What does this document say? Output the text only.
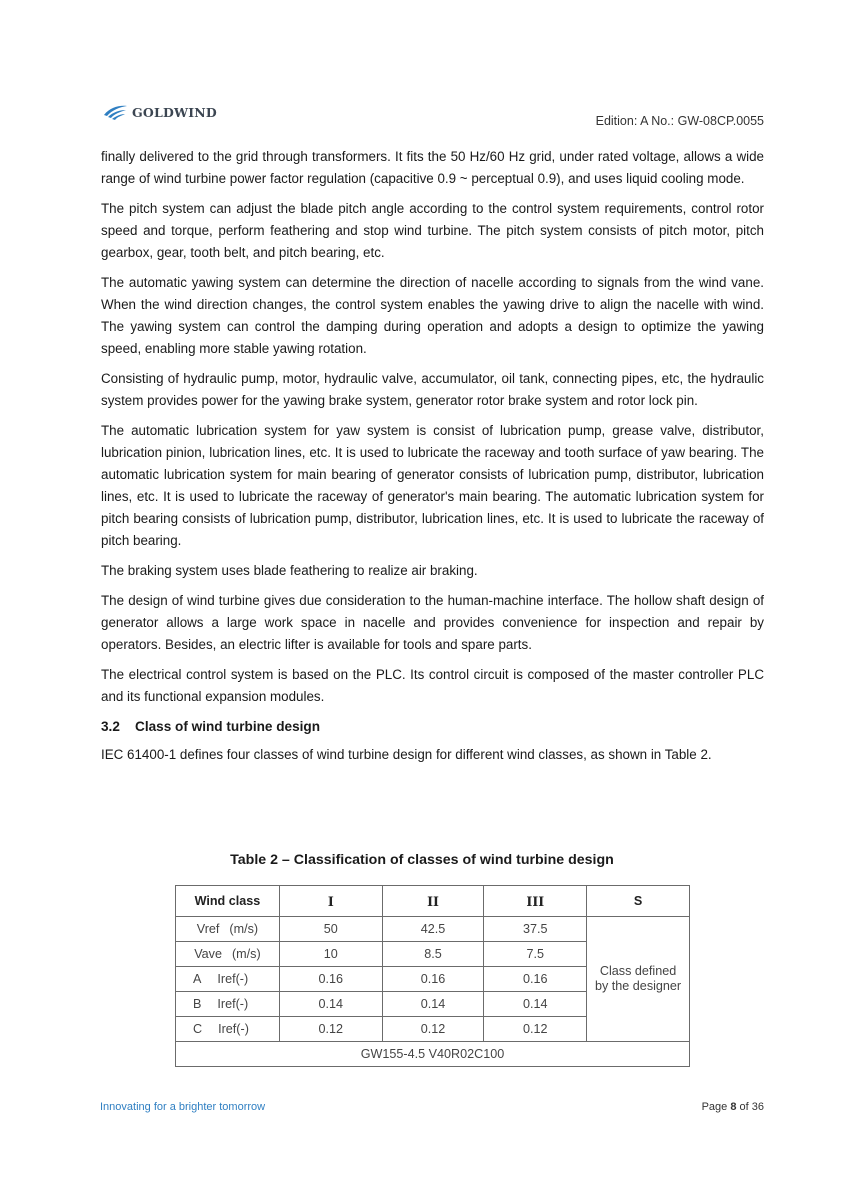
GOLDWIND
Edition: A No.: GW-08CP.0055

finally delivered to the grid through transformers. It fits the 50 Hz/60 Hz grid, under rated voltage, allows a wide range of wind turbine power factor regulation (capacitive 0.9 ~ perceptual 0.9), and uses liquid cooling mode.

The pitch system can adjust the blade pitch angle according to the control system requirements, control rotor speed and torque, perform feathering and stop wind turbine. The pitch system consists of pitch motor, pitch gearbox, gear, tooth belt, and pitch bearing, etc.

The automatic yawing system can determine the direction of nacelle according to signals from the wind vane. When the wind direction changes, the control system enables the yawing drive to align the nacelle with wind. The yawing system can control the damping during operation and adopts a design to optimize the yawing speed, enabling more stable yawing rotation.

Consisting of hydraulic pump, motor, hydraulic valve, accumulator, oil tank, connecting pipes, etc, the hydraulic system provides power for the yawing brake system, generator rotor brake system and rotor lock pin.

The automatic lubrication system for yaw system is consist of lubrication pump, grease valve, distributor, lubrication pinion, lubrication lines, etc. It is used to lubricate the raceway and tooth surface of yaw bearing. The automatic lubrication system for main bearing of generator consists of lubrication pump, distributor, lubrication lines, etc. It is used to lubricate the raceway of generator's main bearing. The automatic lubrication system for pitch bearing consists of lubrication pump, distributor, lubrication lines, etc. It is used to lubricate the raceway of pitch bearing.

The braking system uses blade feathering to realize air braking.

The design of wind turbine gives due consideration to the human-machine interface. The hollow shaft design of generator allows a large work space in nacelle and provides convenience for inspection and repair by operators. Besides, an electric lifter is available for tools and spare parts.

The electrical control system is based on the PLC. Its control circuit is composed of the master controller PLC and its functional expansion modules.

3.2 Class of wind turbine design

IEC 61400-1 defines four classes of wind turbine design for different wind classes, as shown in Table 2.

Table 2 – Classification of classes of wind turbine design
Wind class	I	II	III	S

Vref (m/s)	50	42.5	37.5	Class defined
by the designer

Vave (m/s)	10	8.5	7.5	

A Iref(-)	0.16	0.16	0.16	

B Iref(-)	0.14	0.14	0.14	

C Iref(-)	0.12	0.12	0.12	
GW155-4.5 V40R02C100				
Innovating for a brighter tomorrow	Page 8 of 36
